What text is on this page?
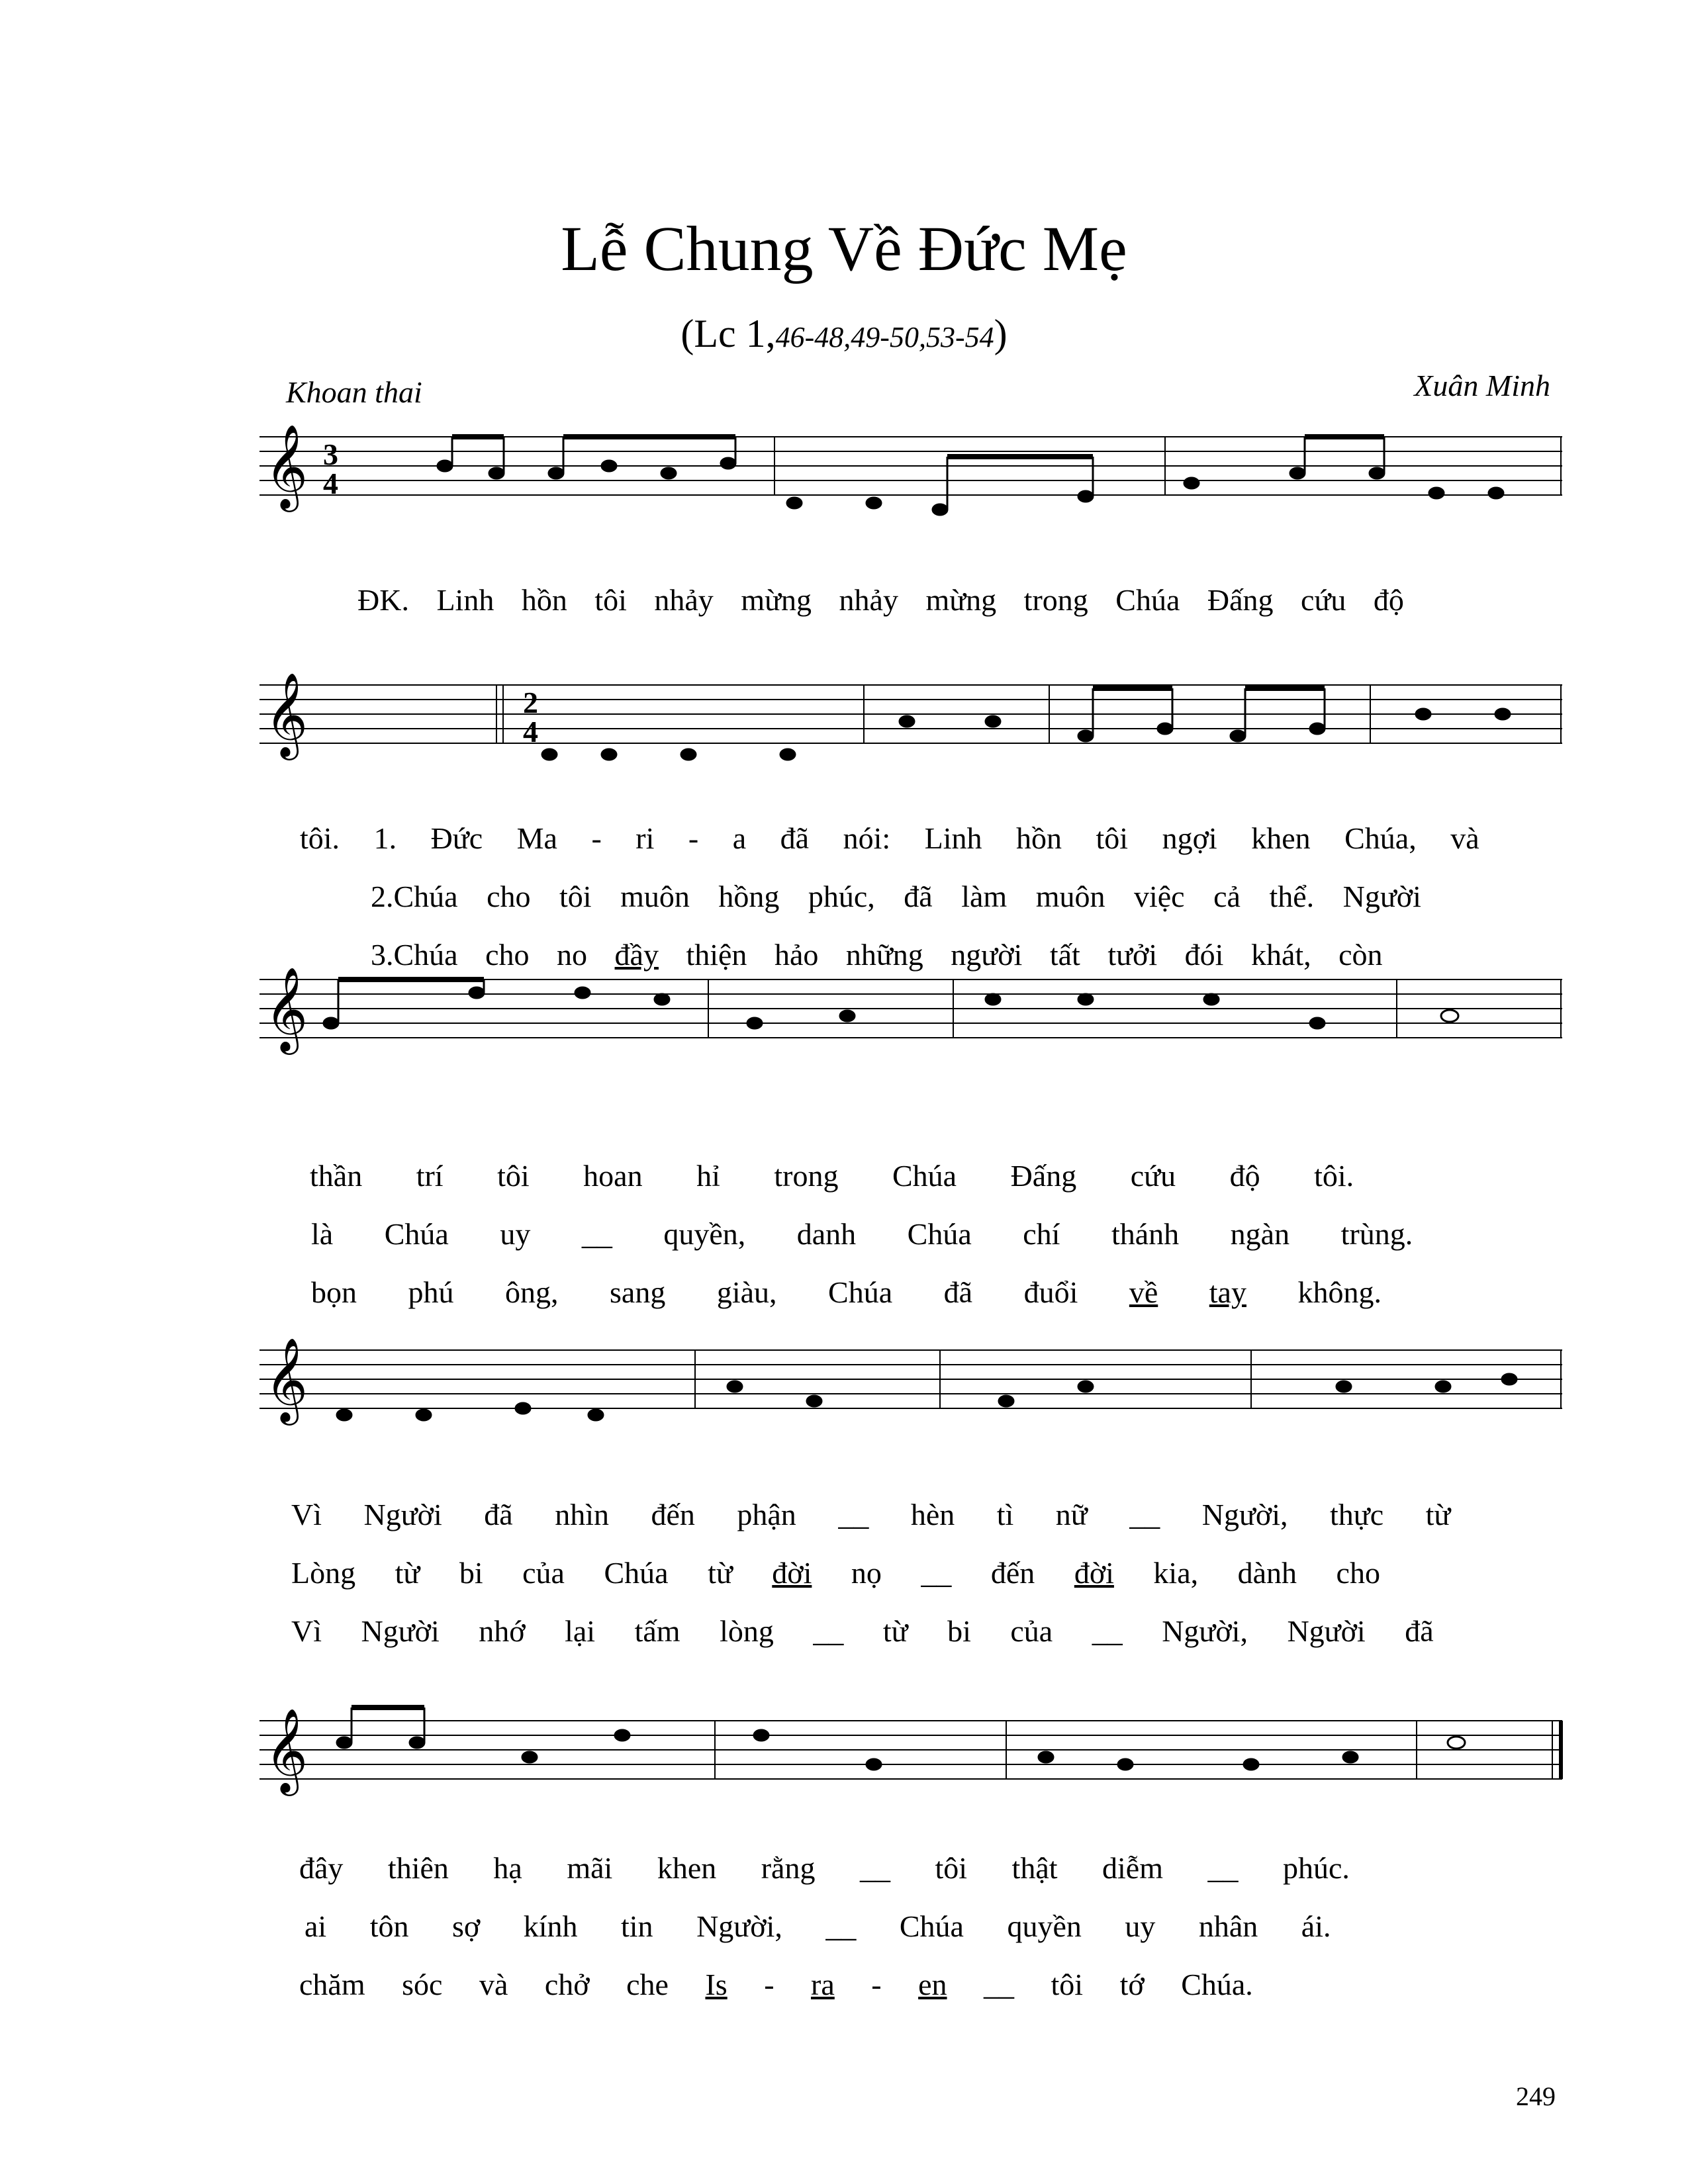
Lễ Chung Về Đức Mẹ
(Lc 1,46-48,49-50,53-54)
Khoan thai	Xuân Minh
𝄞 3
4
𝄞	2
4
𝄞
𝄞
𝄞
ĐK. Linh hồn tôi nhảy mừng nhảy mừng trong Chúa Đấng cứu độ
tôi. 1. Đức Ma - ri - a đã nói: Linh hồn tôi ngợi khen Chúa, và
2.Chúa cho tôi muôn hồng phúc, đã làm muôn việc cả thể. Người
3.Chúa cho no đầy thiện hảo những người tất tưởi đói khát, còn
thần trí tôi hoan hỉ trong Chúa Đấng cứu độ tôi.
là Chúa uy __ quyền, danh Chúa chí thánh ngàn trùng.
bọn phú ông, sang giàu, Chúa đã đuổi về tay không.
Vì Người đã nhìn đến phận __ hèn tì nữ __ Người, thực từ
Lòng từ bi của Chúa từ đời nọ __ đến đời kia, dành cho
Vì Người nhớ lại tấm lòng __ từ bi của __ Người, Người đã
đây thiên hạ mãi khen rằng __ tôi thật diễm __ phúc.
ai tôn sợ kính tin Người, __ Chúa quyền uy nhân ái.
chăm sóc và chở che Is - ra - en __ tôi tớ Chúa.
249
